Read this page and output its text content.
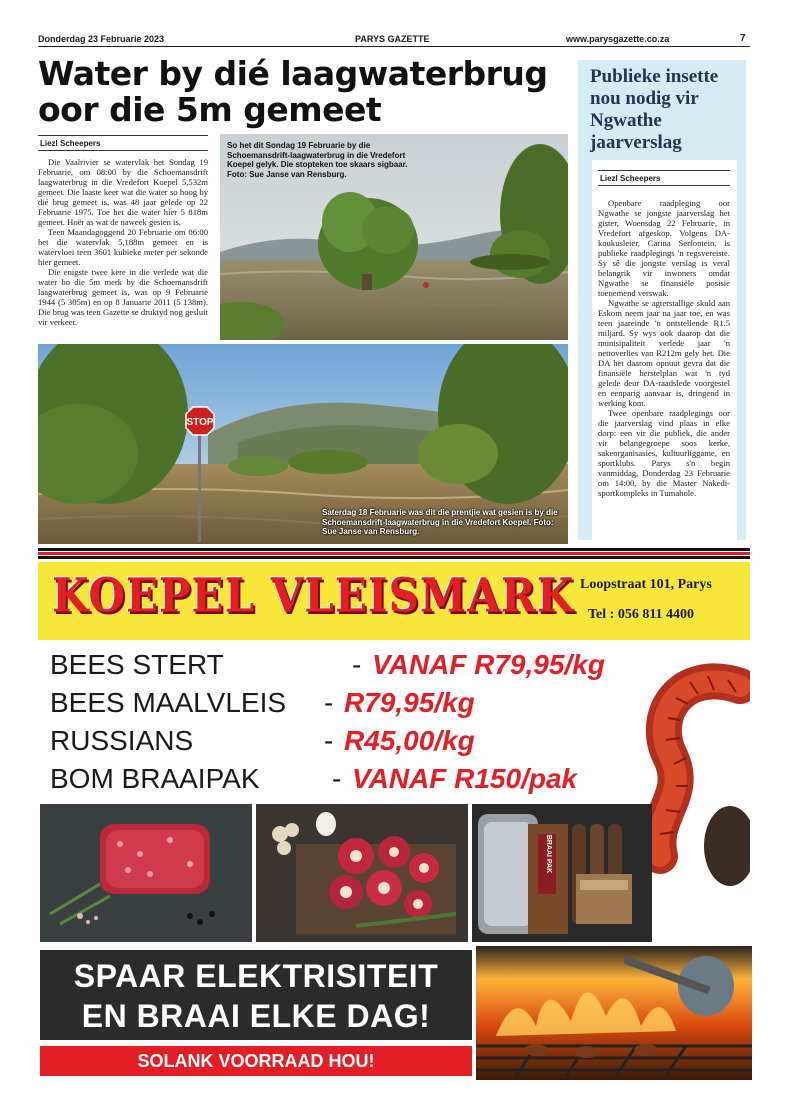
Donderdag 23 Februarie 2023	PARYS GAZETTE	www.parysgazette.co.za	7
Water by dié laagwaterbrug
oor die 5m gemeet
Liezl Scheepers

Die Vaalrivier se watervlak het Sondag 19 Februarie, om 08:00 by die Schoemansdrift laagwaterbrug in die Vredefort Koepel 5,532m gemeet. Die laaste keer wat die water so hoog by dié brug gemeet is, was 48 jaar gelede op 22 Februarie 1975. Toe het die water hier 5 818m gemeet. Hoër as wat de naweek gesien is.

Teen Maandagoggend 20 Februarie om 06:00 het die watervlak 5,188m gemeet en is watervloei teen 3601 kubieke meter per sekonde hier gemeet.

Die enigste twee kere in die verlede wat die water bo die 5m merk by die Schoemansdrift laagwaterbrug gemeet is, was op 9 Februarie 1944 (5 305m) en op 8 Januarie 2011 (5 138m). Die brug was teen Gazette se druktyd nog gesluit vir verkeer.

So het dit Sondag 19 Februarie by die Schoemansdrift-laagwaterbrug in die Vredefort Koepel gelyk. Die stopteken toe skaars sigbaar. Foto: Sue Janse van Rensburg.
STOP
Saterdag 18 Februarie was dit die prentjie wat gesien is by die Schoemansdrift-laagwaterbrug in die Vredefort Koepel. Foto: Sue Janse van Rensburg.
Publieke insette
nou nodig vir
Ngwathe
jaarverslag
Liezl Scheepers

Openbare raadpleging oor Ngwathe se jongste jaarverslag het gister, Woensdag 22 Februarie, in Vredefort afgeskop. Volgens DA-koukusleier, Carina Serfontein, is publieke raadplegings 'n regsvereiste. Sy sê die jongste verslag is veral belangrik vir inwoners omdat Ngwathe se finansiële posisie toenemend verswak.

Ngwathe se agterstallige skuld aan Eskom neem jaar na jaar toe, en was teen jaareinde 'n ontstellende R1.5 miljard. Sy wys ook daarop dat die munisipaliteit verlede jaar 'n nettoverlies van R212m gely het. Die DA het daarom opnuut gevra dat die finansiële herstelplan wat 'n tyd gelede deur DA-raadslede voorgestel en eenparig aanvaar is, dringend in werking kom.

Twee openbare raadplegings oor die jaarverslag vind plaas in elke dorp: een vir die publiek, die ander vir belangegroepe soos kerke, sakeorganisasies, kultuurliggame, en sportklubs. Parys s'n begin vanmiddag, Donderdag 23 Februarie om 14:00, by die Master Nakedi-sportkompleks in Tumahole.

KOEPEL VLEISMARK Loopstraat 101, Parys
Tel : 056 811 4400
BEES STERT	- VANAF R79,95/kg
BEES MAALVLEIS - R79,95/kg
RUSSIANS	- R45,00/kg
BOM BRAAIPAK	- VANAF R150/pak
BRAAI PAK
SPAAR ELEKTRISITEIT
EN BRAAI ELKE DAG!
SOLANK VOORRAAD HOU!
